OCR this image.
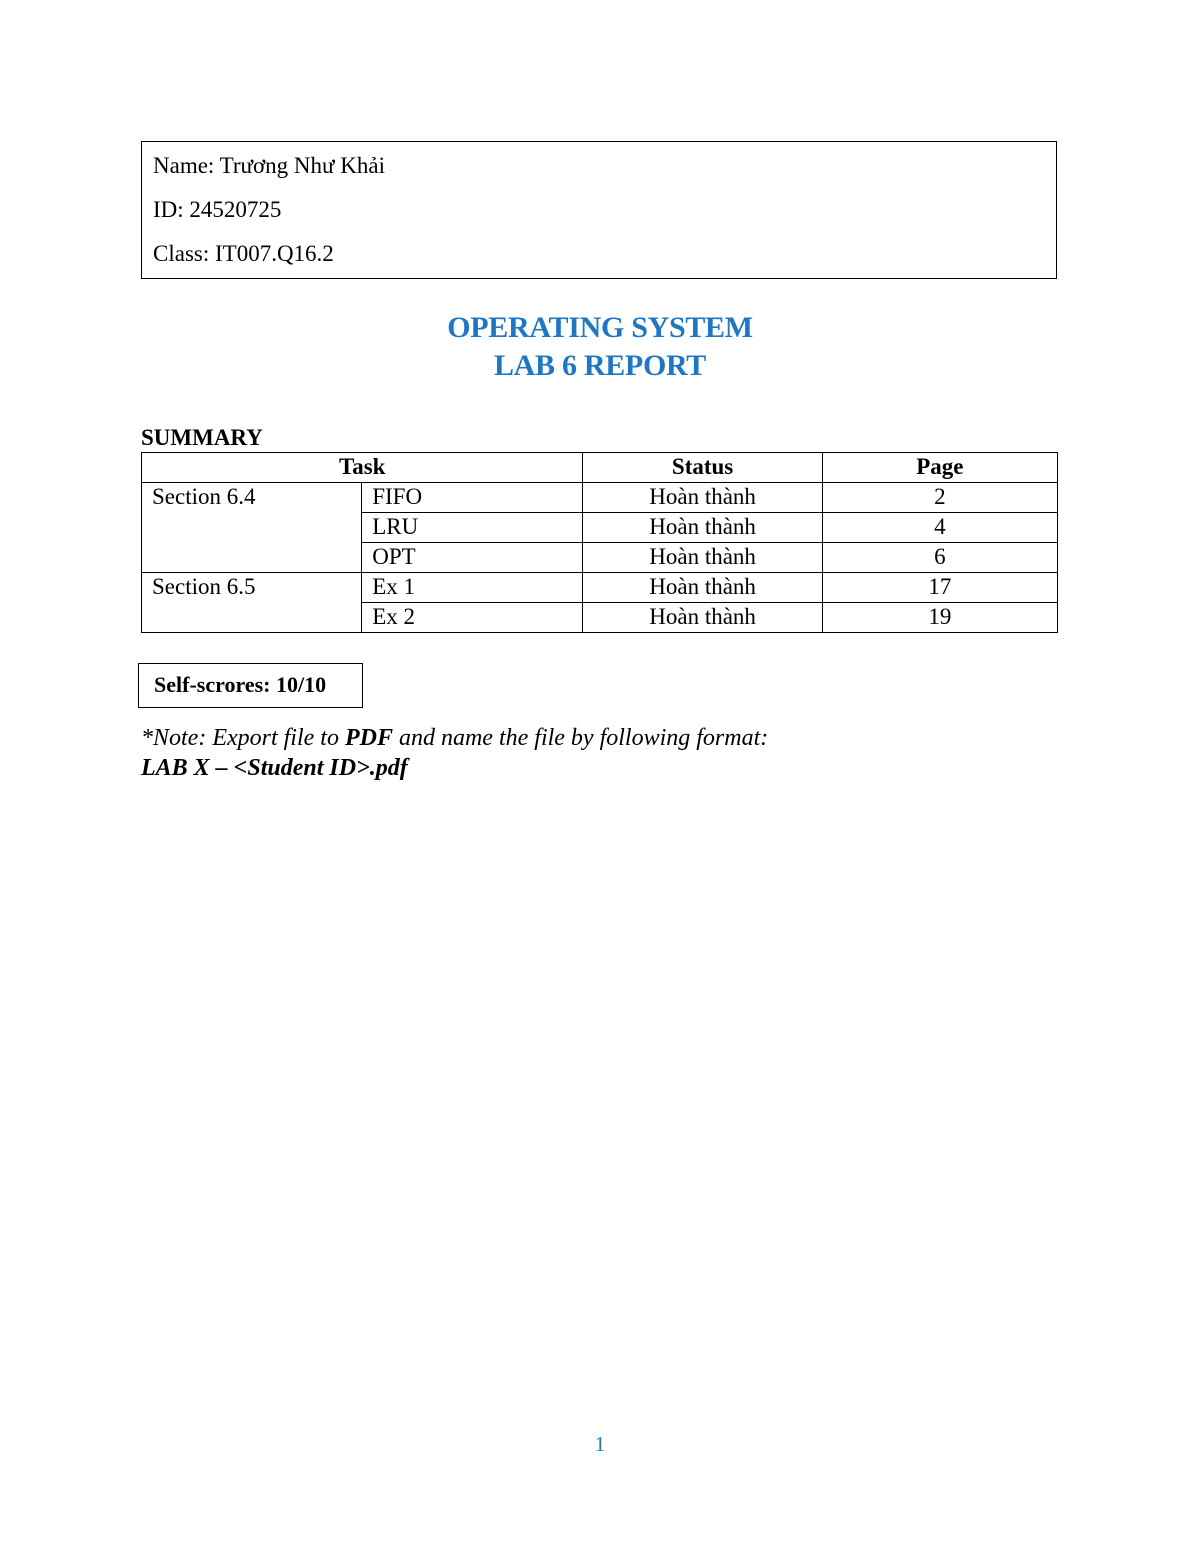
Name: Trương Như Khải
ID: 24520725
Class: IT007.Q16.2
OPERATING SYSTEM
LAB 6 REPORT
SUMMARY
Task		Status	Page
Section 6.4	FIFO	Hoàn thành	2
	LRU	Hoàn thành	4
	OPT	Hoàn thành	6
Section 6.5	Ex 1	Hoàn thành	17
	Ex 2	Hoàn thành	19
Self-scrores: 10/10
*Note: Export file to PDF and name the file by following format:
LAB X – <Student ID>.pdf
1
